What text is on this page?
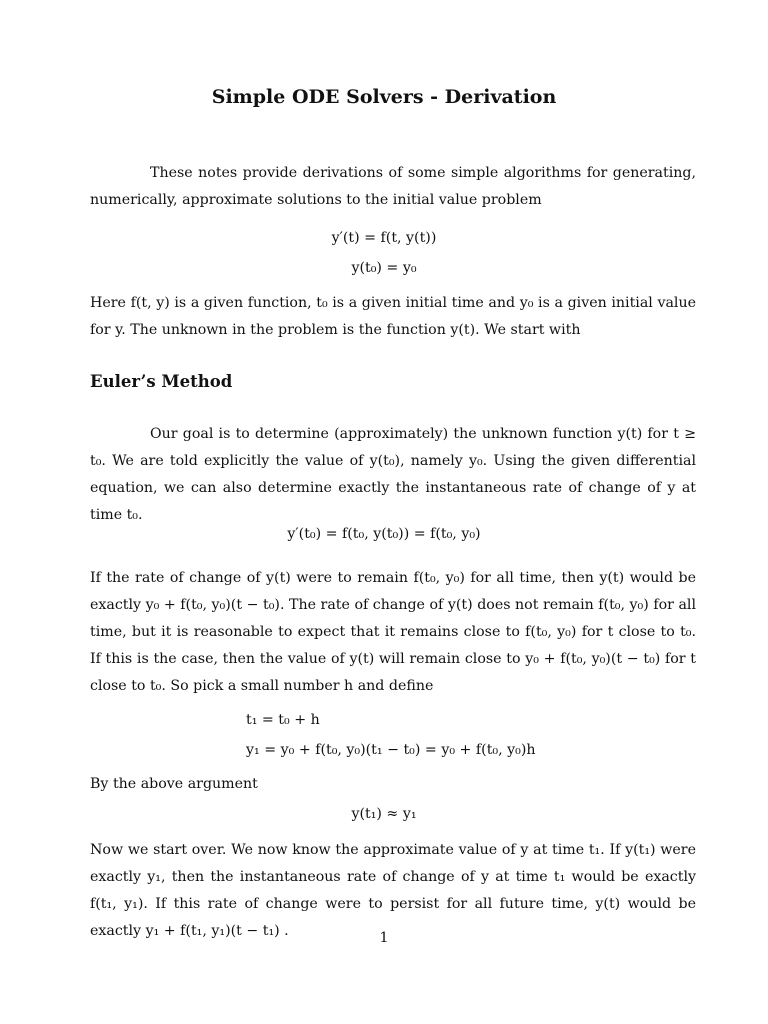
Simple ODE Solvers - Derivation

These notes provide derivations of some simple algorithms for generating, numerically, approximate solutions to the initial value problem

y′(t) = f(t, y(t))
y(t₀) = y₀

Here f(t, y) is a given function, t₀ is a given initial time and y₀ is a given initial value for y. The unknown in the problem is the function y(t). We start with

Euler’s Method

Our goal is to determine (approximately) the unknown function y(t) for t ≥ t₀. We are told explicitly the value of y(t₀), namely y₀. Using the given differential equation, we can also determine exactly the instantaneous rate of change of y at time t₀.

y′(t₀) = f(t₀, y(t₀)) = f(t₀, y₀)

If the rate of change of y(t) were to remain f(t₀, y₀) for all time, then y(t) would be exactly y₀ + f(t₀, y₀)(t − t₀). The rate of change of y(t) does not remain f(t₀, y₀) for all time, but it is reasonable to expect that it remains close to f(t₀, y₀) for t close to t₀. If this is the case, then the value of y(t) will remain close to y₀ + f(t₀, y₀)(t − t₀) for t close to t₀. So pick a small number h and define

t₁ = t₀ + h
y₁ = y₀ + f(t₀, y₀)(t₁ − t₀) = y₀ + f(t₀, y₀)h

By the above argument

y(t₁) ≈ y₁

Now we start over. We now know the approximate value of y at time t₁. If y(t₁) were exactly y₁, then the instantaneous rate of change of y at time t₁ would be exactly f(t₁, y₁). If this rate of change were to persist for all future time, y(t) would be exactly y₁ + f(t₁, y₁)(t − t₁) .	1
